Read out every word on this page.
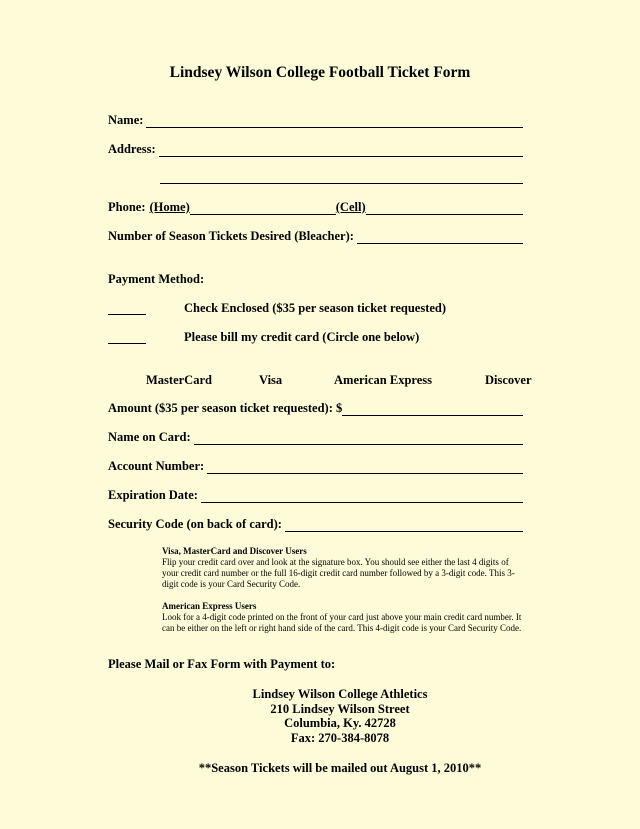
Lindsey Wilson College Football Ticket Form
Name:
Address:
Phone: (Home)	(Cell)
Number of Season Tickets Desired (Bleacher):
Payment Method:
Check Enclosed ($35 per season ticket requested)
Please bill my credit card (Circle one below)
MasterCard	Visa	American Express	Discover
Amount ($35 per season ticket requested): $
Name on Card:
Account Number:
Expiration Date:
Security Code (on back of card):
Visa, MasterCard and Discover Users
Flip your credit card over and look at the signature box. You should see either the last 4 digits of your credit card number or the full 16-digit credit card number followed by a 3-digit code. This 3-digit code is your Card Security Code.
American Express Users
Look for a 4-digit code printed on the front of your card just above your main credit card number. It can be either on the left or right hand side of the card. This 4-digit code is your Card Security Code.
Please Mail or Fax Form with Payment to:
Lindsey Wilson College Athletics
210 Lindsey Wilson Street
Columbia, Ky. 42728
Fax: 270-384-8078
**Season Tickets will be mailed out August 1, 2010**
